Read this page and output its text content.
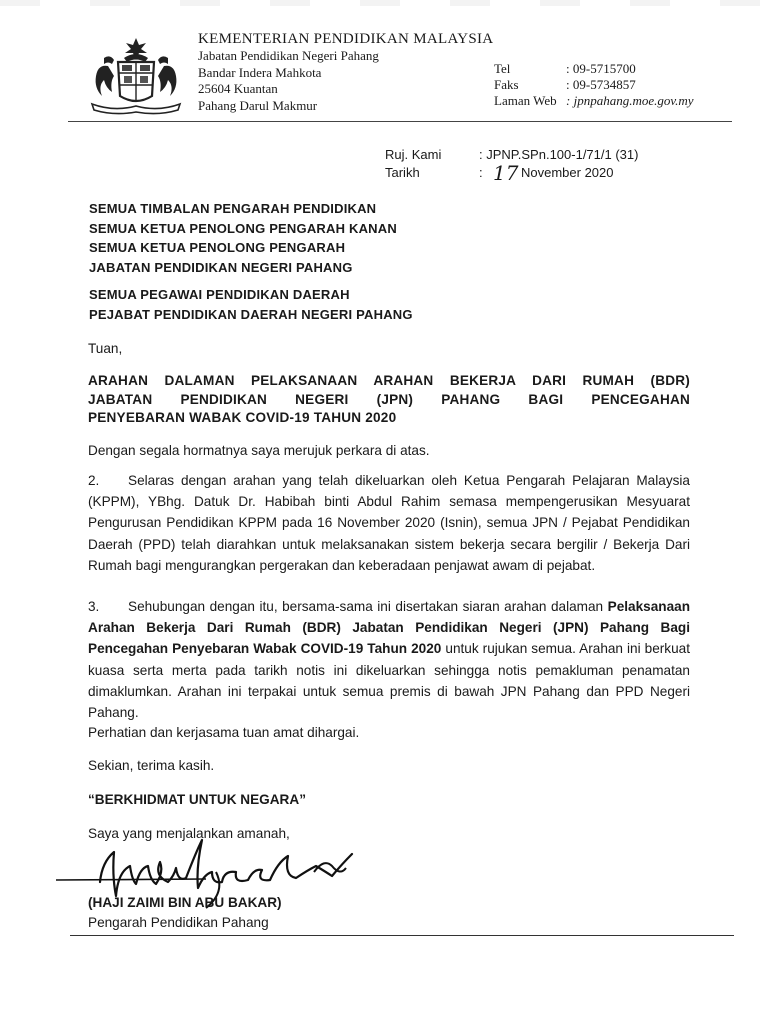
KEMENTERIAN PENDIDIKAN MALAYSIA
Jabatan Pendidikan Negeri Pahang
Bandar Indera Mahkota
25604 Kuantan
Pahang Darul Makmur
Tel	: 09-5715700
Faks	: 09-5734857
Laman Web : jpnpahang.moe.gov.my
Ruj. Kami	: JPNP.SPn.100-1/71/1 (31)
Tarikh	: 17 November 2020
SEMUA TIMBALAN PENGARAH PENDIDIKAN
SEMUA KETUA PENOLONG PENGARAH KANAN
SEMUA KETUA PENOLONG PENGARAH
JABATAN PENDIDIKAN NEGERI PAHANG
SEMUA PEGAWAI PENDIDIKAN DAERAH
PEJABAT PENDIDIKAN DAERAH NEGERI PAHANG
Tuan,
ARAHAN DALAMAN PELAKSANAAN ARAHAN BEKERJA DARI RUMAH (BDR)
JABATAN PENDIDIKAN NEGERI (JPN) PAHANG BAGI PENCEGAHAN
PENYEBARAN WABAK COVID-19 TAHUN 2020
Dengan segala hormatnya saya merujuk perkara di atas.
2. Selaras dengan arahan yang telah dikeluarkan oleh Ketua Pengarah Pelajaran Malaysia (KPPM), YBhg. Datuk Dr. Habibah binti Abdul Rahim semasa mempengerusikan Mesyuarat Pengurusan Pendidikan KPPM pada 16 November 2020 (Isnin), semua JPN / Pejabat Pendidikan Daerah (PPD) telah diarahkan untuk melaksanakan sistem bekerja secara bergilir / Bekerja Dari Rumah bagi mengurangkan pergerakan dan keberadaan penjawat awam di pejabat.
3. Sehubungan dengan itu, bersama-sama ini disertakan siaran arahan dalaman Pelaksanaan Arahan Bekerja Dari Rumah (BDR) Jabatan Pendidikan Negeri (JPN) Pahang Bagi Pencegahan Penyebaran Wabak COVID-19 Tahun 2020 untuk rujukan semua. Arahan ini berkuat kuasa serta merta pada tarikh notis ini dikeluarkan sehingga notis pemakluman penamatan dimaklumkan. Arahan ini terpakai untuk semua premis di bawah JPN Pahang dan PPD Negeri Pahang.
Perhatian dan kerjasama tuan amat dihargai.
Sekian, terima kasih.
“BERKHIDMAT UNTUK NEGARA”
Saya yang menjalankan amanah,
(HAJI ZAIMI BIN ABU BAKAR)
Pengarah Pendidikan Pahang
